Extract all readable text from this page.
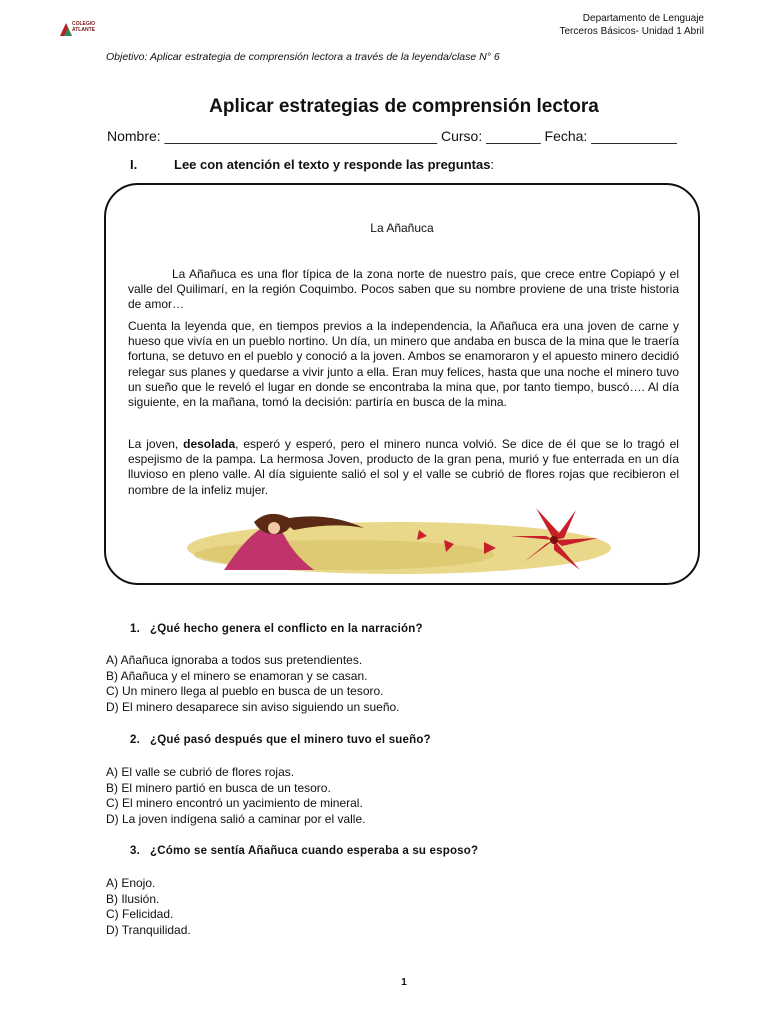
COLEGIO ATLANTE
Departamento de Lenguaje
Terceros Básicos- Unidad 1 Abril
Objetivo: Aplicar estrategia de comprensión lectora a través de la leyenda/clase N° 6
Aplicar estrategias de comprensión lectora
Nombre: ___________________________________ Curso: _______ Fecha: ___________
I.	Lee con atención el texto y responde las preguntas:
La Añañuca
La Añañuca es una flor típica de la zona norte de nuestro país, que crece entre Copiapó y el valle del Quilimarí, en la región Coquimbo. Pocos saben que su nombre proviene de una triste historia de amor…
Cuenta la leyenda que, en tiempos previos a la independencia, la Añañuca era una joven de carne y hueso que vivía en un pueblo nortino. Un día, un minero que andaba en busca de la mina que le traería fortuna, se detuvo en el pueblo y conoció a la joven. Ambos se enamoraron y el apuesto minero decidió relegar sus planes y quedarse a vivir junto a ella. Eran muy felices, hasta que una noche el minero tuvo un sueño que le reveló el lugar en donde se encontraba la mina que, por tanto tiempo, buscó…. Al día siguiente, en la mañana, tomó la decisión: partiría en busca de la mina.
La joven, desolada, esperó y esperó, pero el minero nunca volvió. Se dice de él que se lo tragó el espejismo de la pampa. La hermosa Joven, producto de la gran pena, murió y fue enterrada en un día lluvioso en pleno valle. Al día siguiente salió el sol y el valle se cubrió de flores rojas que recibieron el nombre de la infeliz mujer.
1. ¿Qué hecho genera el conflicto en la narración?
A) Añañuca ignoraba a todos sus pretendientes.
B) Añañuca y el minero se enamoran y se casan.
C) Un minero llega al pueblo en busca de un tesoro.
D) El minero desaparece sin aviso siguiendo un sueño.
2. ¿Qué pasó después que el minero tuvo el sueño?
A) El valle se cubrió de flores rojas.
B) El minero partió en busca de un tesoro.
C) El minero encontró un yacimiento de mineral.
D) La joven indígena salió a caminar por el valle.
3. ¿Cómo se sentía Añañuca cuando esperaba a su esposo?
A) Enojo.
B) Ilusión.
C) Felicidad.
D) Tranquilidad.
1
